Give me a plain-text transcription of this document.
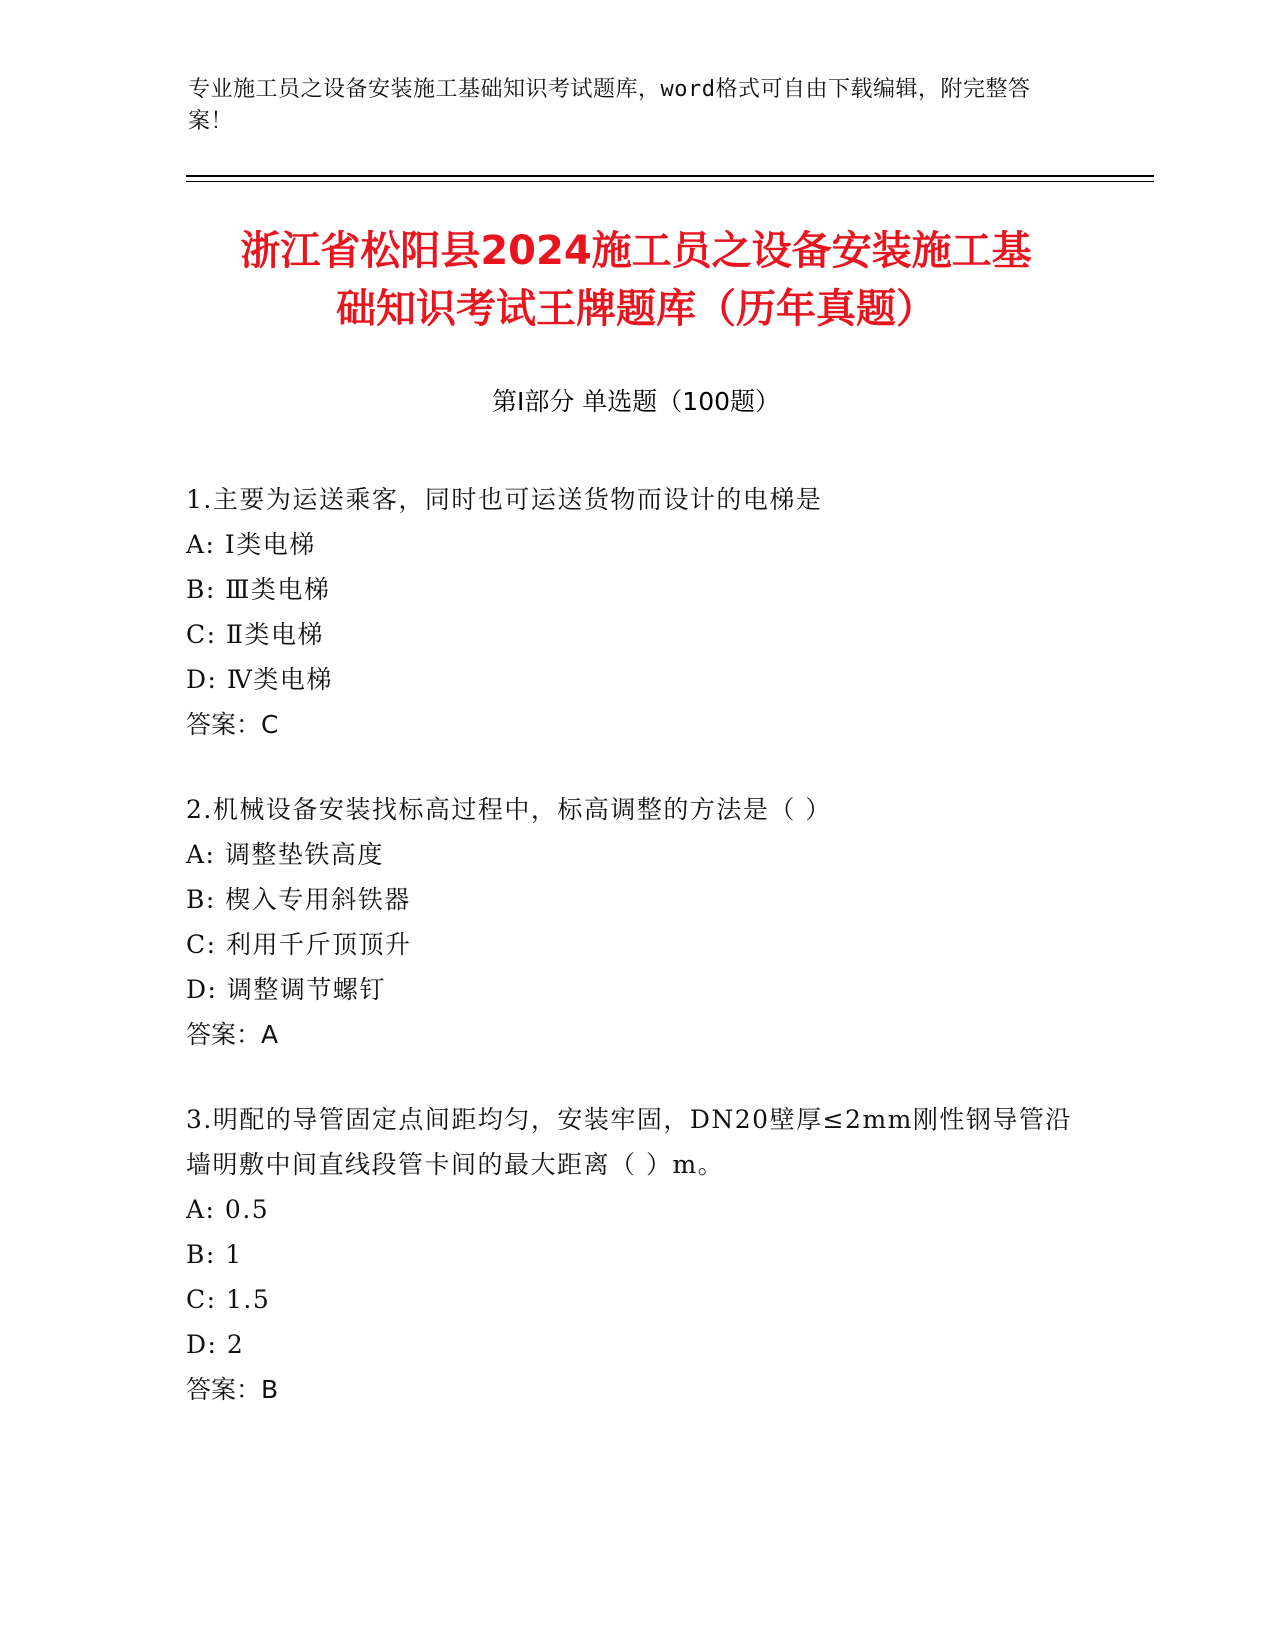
专业施工员之设备安装施工基础知识考试题库，word格式可自由下载编辑，附完整答案！
浙江省松阳县2024施工员之设备安装施工基
础知识考试王牌题库（历年真题）
第Ⅰ部分 单选题（100题）
1.主要为运送乘客，同时也可运送货物而设计的电梯是
A: Ⅰ类电梯
B: Ⅲ类电梯
C: Ⅱ类电梯
D: Ⅳ类电梯
答案：C
2.机械设备安装找标高过程中，标高调整的方法是（ ）
A: 调整垫铁高度
B: 楔入专用斜铁器
C: 利用千斤顶顶升
D: 调整调节螺钉
答案：A
3.明配的导管固定点间距均匀，安装牢固，DN20壁厚≤2mm刚性钢导管沿墙明敷中间直线段管卡间的最大距离（ ）m。
A: 0.5
B: 1
C: 1.5
D: 2
答案：B
